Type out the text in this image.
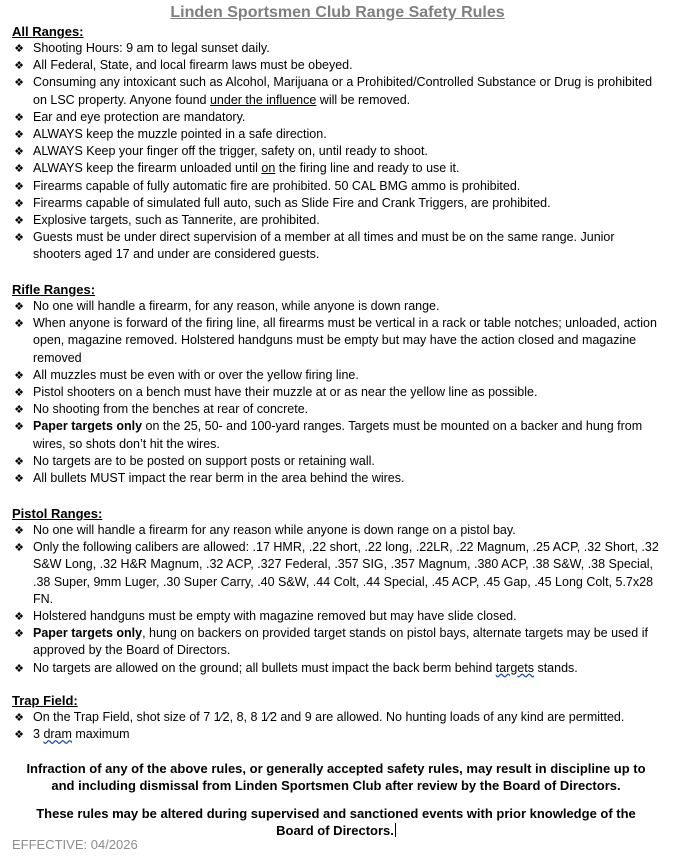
Linden Sportsmen Club Range Safety Rules
All Ranges:
❖ Shooting Hours: 9 am to legal sunset daily.
❖ All Federal, State, and local firearm laws must be obeyed.
❖ Consuming any intoxicant such as Alcohol, Marijuana or a Prohibited/Controlled Substance or Drug is prohibited on LSC property. Anyone found under the influence will be removed.
❖ Ear and eye protection are mandatory.
❖ ALWAYS keep the muzzle pointed in a safe direction.
❖ ALWAYS Keep your finger off the trigger, safety on, until ready to shoot.
❖ ALWAYS keep the firearm unloaded until on the firing line and ready to use it.
❖ Firearms capable of fully automatic fire are prohibited. 50 CAL BMG ammo is prohibited.
❖ Firearms capable of simulated full auto, such as Slide Fire and Crank Triggers, are prohibited.
❖ Explosive targets, such as Tannerite, are prohibited.
❖ Guests must be under direct supervision of a member at all times and must be on the same range. Junior shooters aged 17 and under are considered guests.
Rifle Ranges:
❖ No one will handle a firearm, for any reason, while anyone is down range.
❖ When anyone is forward of the firing line, all firearms must be vertical in a rack or table notches; unloaded, action open, magazine removed. Holstered handguns must be empty but may have the action closed and magazine removed
❖ All muzzles must be even with or over the yellow firing line.
❖ Pistol shooters on a bench must have their muzzle at or as near the yellow line as possible.
❖ No shooting from the benches at rear of concrete.
❖ Paper targets only on the 25, 50- and 100-yard ranges. Targets must be mounted on a backer and hung from wires, so shots don’t hit the wires.
❖ No targets are to be posted on support posts or retaining wall.
❖ All bullets MUST impact the rear berm in the area behind the wires.
Pistol Ranges:
❖ No one will handle a firearm for any reason while anyone is down range on a pistol bay.
❖ Only the following calibers are allowed: .17 HMR, .22 short, .22 long, .22LR, .22 Magnum, .25 ACP, .32 Short, .32 S&W Long, .32 H&R Magnum, .32 ACP, .327 Federal, .357 SIG, .357 Magnum, .380 ACP, .38 S&W, .38 Special, .38 Super, 9mm Luger, .30 Super Carry, .40 S&W, .44 Colt, .44 Special, .45 ACP, .45 Gap, .45 Long Colt, 5.7x28 FN.
❖ Holstered handguns must be empty with magazine removed but may have slide closed.
❖ Paper targets only, hung on backers on provided target stands on pistol bays, alternate targets may be used if approved by the Board of Directors.
❖ No targets are allowed on the ground; all bullets must impact the back berm behind targets stands.
Trap Field:
❖ On the Trap Field, shot size of 7 1⁄2, 8, 8 1⁄2 and 9 are allowed. No hunting loads of any kind are permitted.
❖ 3 dram maximum
Infraction of any of the above rules, or generally accepted safety rules, may result in discipline up to and including dismissal from Linden Sportsmen Club after review by the Board of Directors.
These rules may be altered during supervised and sanctioned events with prior knowledge of the Board of Directors.
EFFECTIVE: 04/2026
